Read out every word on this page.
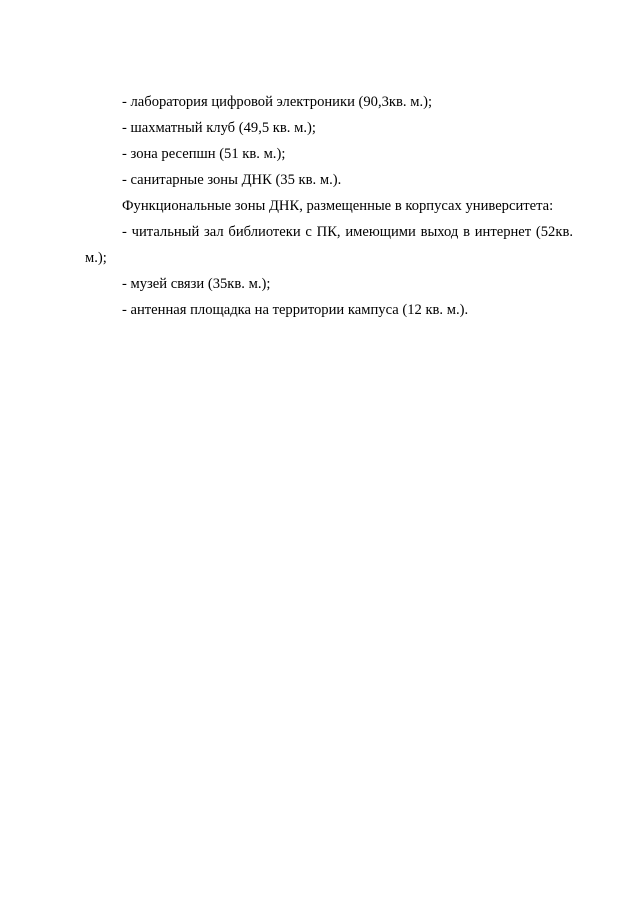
- лаборатория цифровой электроники (90,3кв. м.);

- шахматный клуб (49,5 кв. м.);

- зона ресепшн (51 кв. м.);

- санитарные зоны ДНК (35 кв. м.).

Функциональные зоны ДНК, размещенные в корпусах университета:

- читальный зал библиотеки с ПК, имеющими выход в интернет (52кв. м.);

- музей связи (35кв. м.);

- антенная площадка на территории кампуса (12 кв. м.).
